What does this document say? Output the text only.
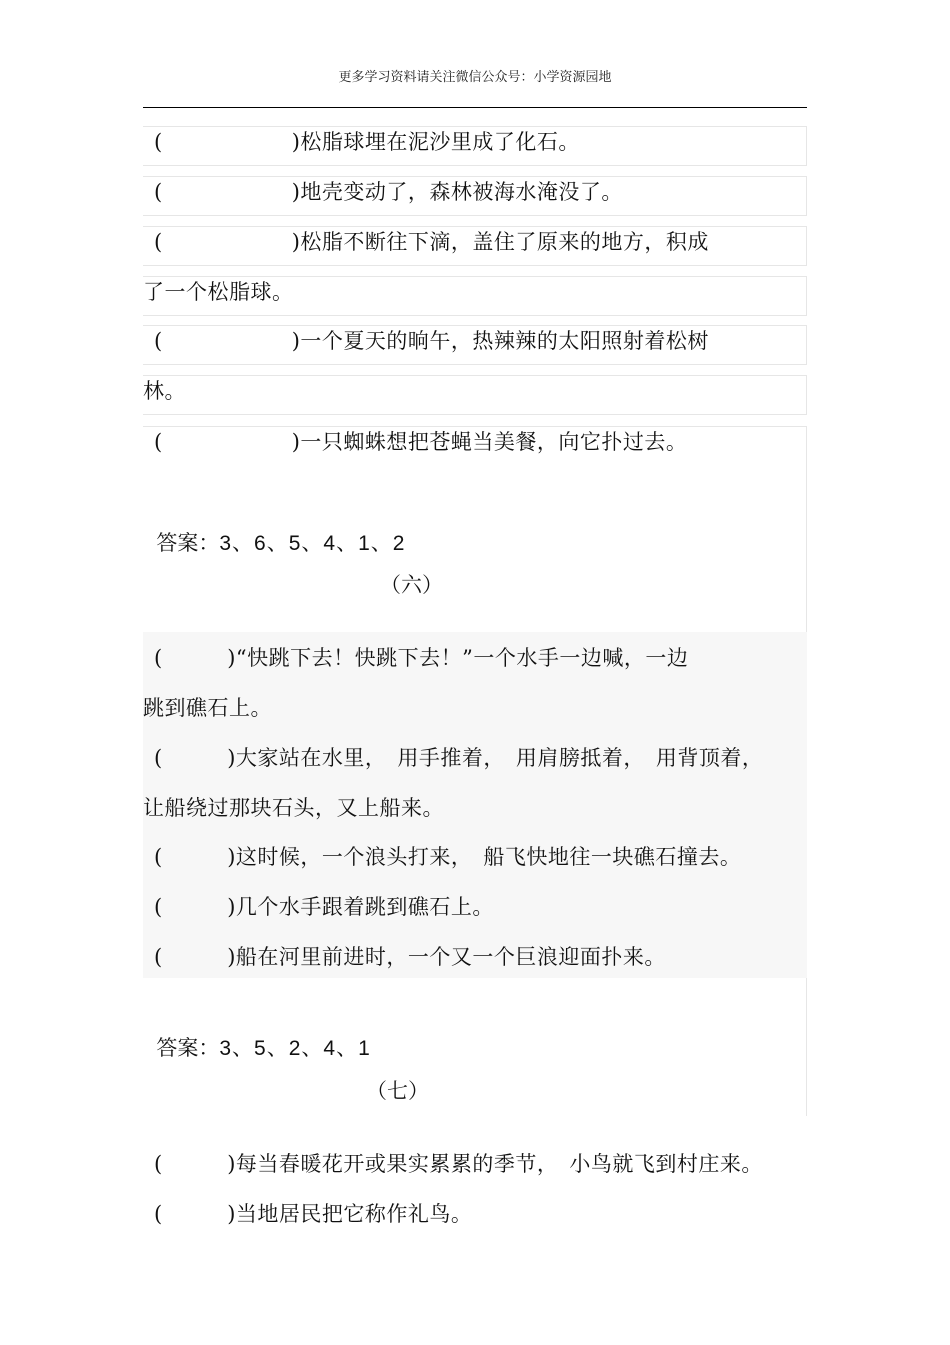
更多学习资料请关注微信公众号：小学资源园地
(　　　　　　)松脂球埋在泥沙里成了化石。
(　　　　　　)地壳变动了，森林被海水淹没了。
(　　　　　　)松脂不断往下滴，盖住了原来的地方，积成
了一个松脂球。
(　　　　　　)一个夏天的晌午，热辣辣的太阳照射着松树
林。
(　　　　　　)一只蜘蛛想把苍蝇当美餐，向它扑过去。

答案：3、6、5、4、1、2

（六）
(　　　)“快跳下去！快跳下去！”一个水手一边喊，一边
跳到礁石上。
(　　　)大家站在水里，　用手推着，　用肩膀抵着，　用背顶着，
让船绕过那块石头，又上船来。
(　　　)这时候，一个浪头打来，　船飞快地往一块礁石撞去。
(　　　)几个水手跟着跳到礁石上。
(　　　)船在河里前进时，一个又一个巨浪迎面扑来。

答案：3、5、2、4、1

（七）
(　　　)每当春暖花开或果实累累的季节，　小鸟就飞到村庄来。
(　　　)当地居民把它称作礼鸟。
